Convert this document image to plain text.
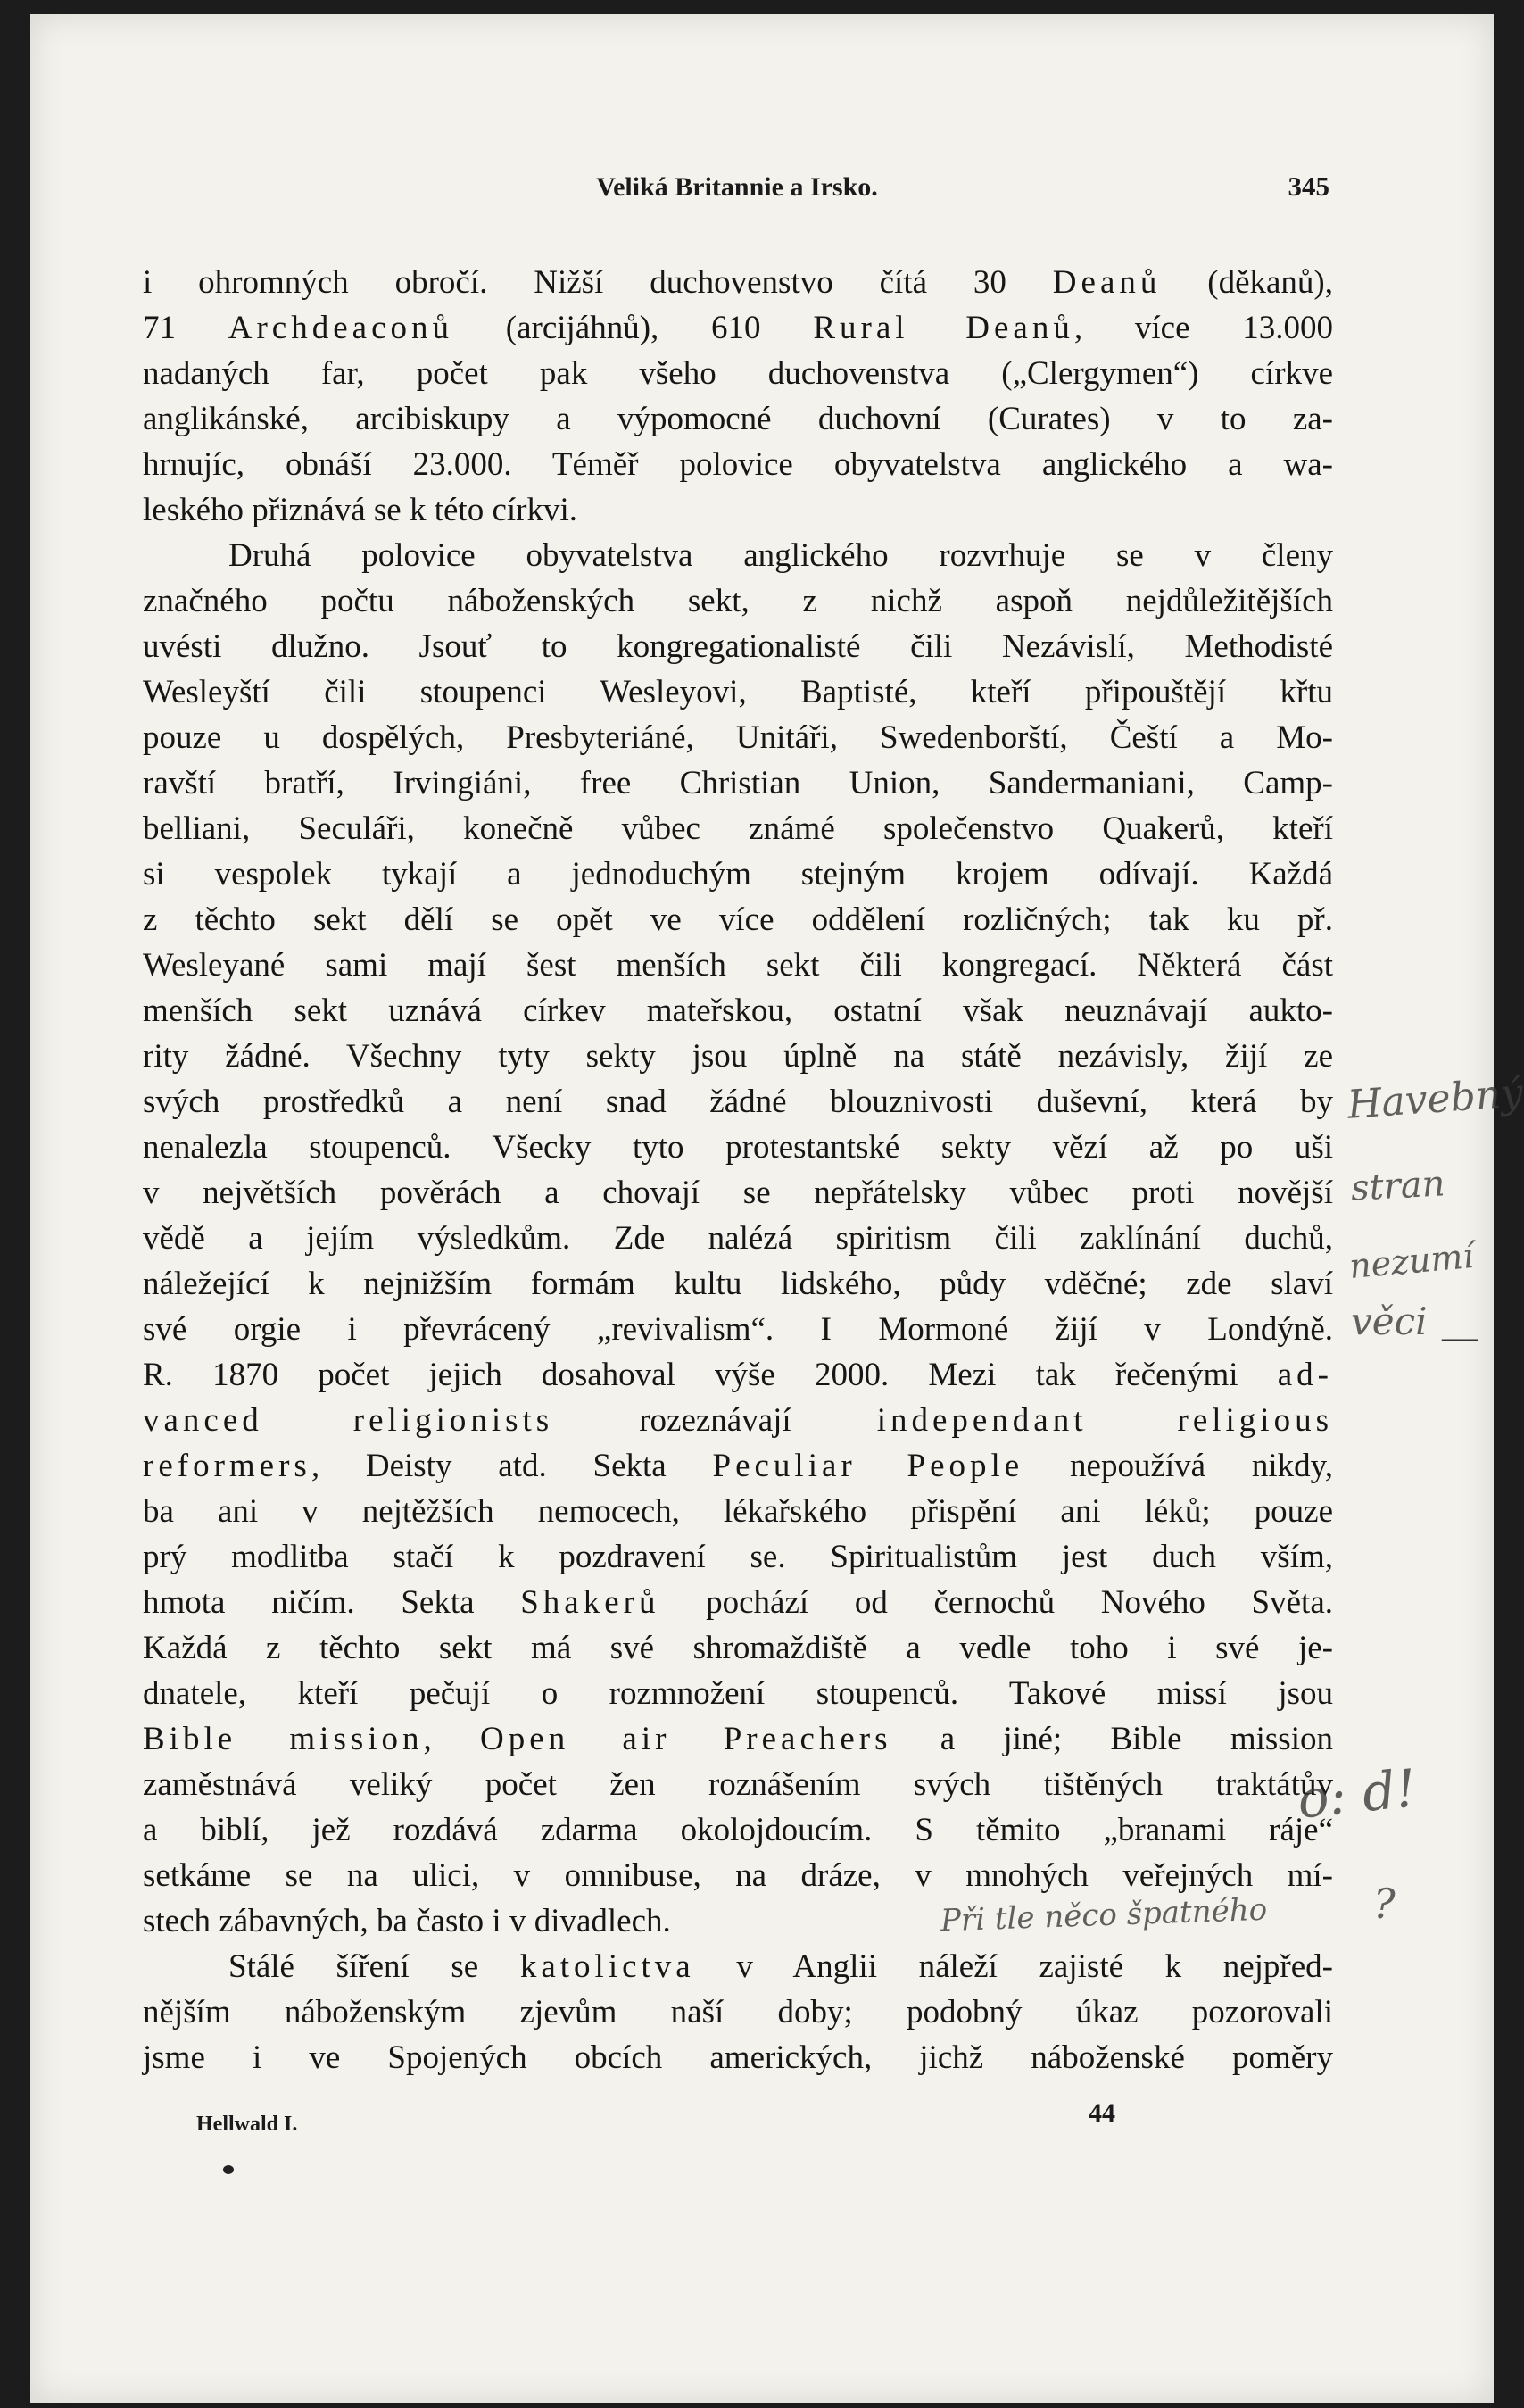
Veliká Britannie a Irsko.	345
i ohromných obročí. Nižší duchovenstvo čítá 30 Deanů (děkanů),
71 Archdeaconů (arcijáhnů), 610 Rural Deanů, více 13.000
nadaných far, počet pak všeho duchovenstva („Clergymen“) církve
anglikánské, arcibiskupy a výpomocné duchovní (Curates) v to za-
hrnujíc, obnáší 23.000. Téměř polovice obyvatelstva anglického a wa-
leského přiznává se k této církvi.
Druhá polovice obyvatelstva anglického rozvrhuje se v členy
značného počtu náboženských sekt, z nichž aspoň nejdůležitějších
uvésti dlužno. Jsouť to kongregationalisté čili Nezávislí, Methodisté
Wesleyští čili stoupenci Wesleyovi, Baptisté, kteří připouštějí křtu
pouze u dospělých, Presbyteriáné, Unitáři, Swedenborští, Čeští a Mo-
ravští bratří, Irvingiáni, free Christian Union, Sandermaniani, Camp-
belliani, Seculáři, konečně vůbec známé společenstvo Quakerů, kteří
si vespolek tykají a jednoduchým stejným krojem odívají. Každá
z těchto sekt dělí se opět ve více oddělení rozličných; tak ku př.
Wesleyané sami mají šest menších sekt čili kongregací. Některá část
menších sekt uznává církev mateřskou, ostatní však neuznávají aukto-
rity žádné. Všechny tyty sekty jsou úplně na státě nezávisly, žijí ze
svých prostředků a není snad žádné blouznivosti duševní, která by
nenalezla stoupenců. Všecky tyto protestantské sekty vězí až po uši
v největších pověrách a chovají se nepřátelsky vůbec proti novější
vědě a jejím výsledkům. Zde nalézá spiritism čili zaklínání duchů,
náležející k nejnižším formám kultu lidského, půdy vděčné; zde slaví
své orgie i převrácený „revivalism“. I Mormoné žijí v Londýně.
R. 1870 počet jejich dosahoval výše 2000. Mezi tak řečenými ad-
vanced religionists rozeznávají independant religious
reformers, Deisty atd. Sekta Peculiar People nepoužívá nikdy,
ba ani v nejtěžších nemocech, lékařského přispění ani léků; pouze
prý modlitba stačí k pozdravení se. Spiritualistům jest duch vším,
hmota ničím. Sekta Shakerů pochází od černochů Nového Světa.
Každá z těchto sekt má své shromaždiště a vedle toho i své je-
dnatele, kteří pečují o rozmnožení stoupenců. Takové missí jsou
Bible mission, Open air Preachers a jiné; Bible mission
zaměstnává veliký počet žen roznášením svých tištěných traktátův
a biblí, jež rozdává zdarma okolojdoucím. S těmito „branami ráje“
setkáme se na ulici, v omnibuse, na dráze, v mnohých veřejných mí-
stech zábavných, ba často i v divadlech.
Stálé šíření se katolictva v Anglii náleží zajisté k nejpřed-
nějším náboženským zjevům naší doby; podobný úkaz pozorovali
jsme i ve Spojených obcích amerických, jichž náboženské poměry
Hellwald I.	44
Havebný
stran
nezumí
věci —
o: d!
Při tle něco špatného	?
